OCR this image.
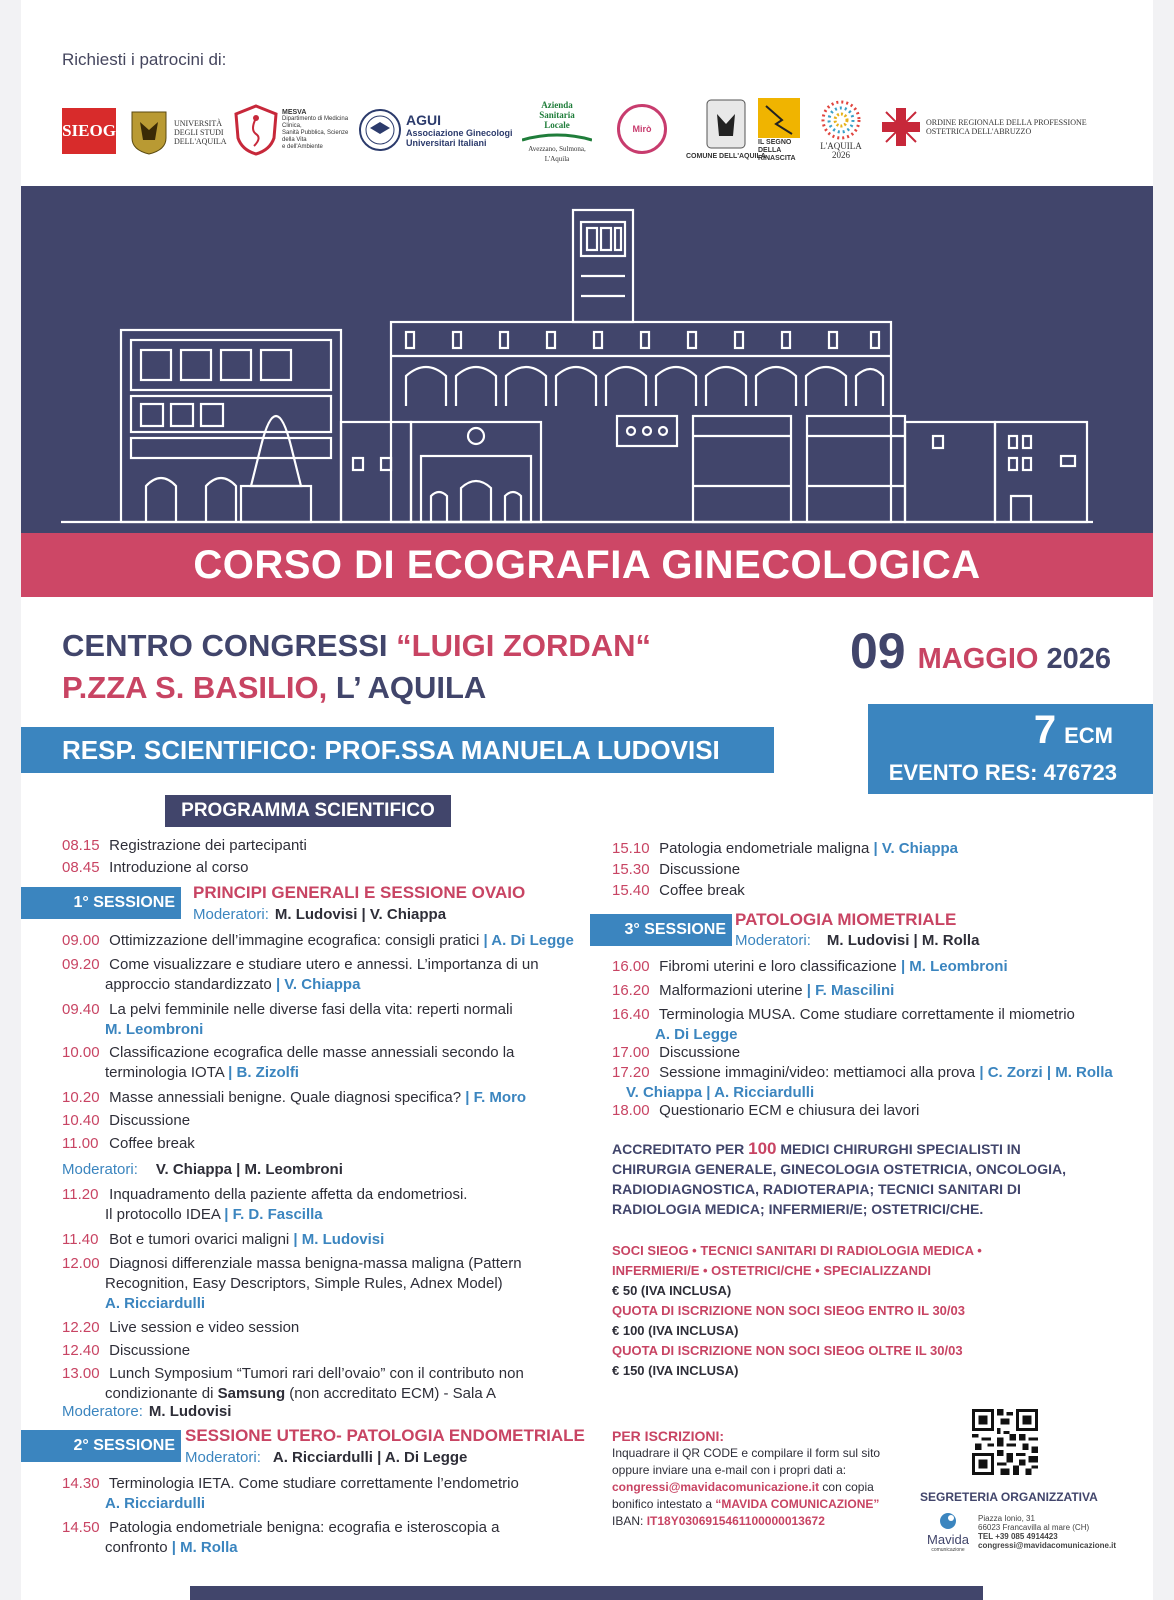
Richiesti i patrocini di:
SIEOG	UNIVERSITÀ
DEGLI STUDI
DELL'AQUILA
MESVA
Dipartimento di Medicina Clinica,
Sanità Pubblica, Scienze della Vita
e dell'Ambiente
AGUI
Associazione Ginecologi
Universitari Italiani
Azienda
Sanitaria
Locale
Avezzano, Sulmona,
L'Aquila
Mirò
COMUNE DELL'AQUILA
IL SEGNO
DELLA
RINASCITA
L'AQUILA
2026
ORDINE REGIONALE DELLA PROFESSIONE
OSTETRICA DELL'ABRUZZO
CORSO DI ECOGRAFIA GINECOLOGICA
CENTRO CONGRESSI “LUIGI ZORDAN“
P.ZZA S. BASILIO, L’ AQUILA
09 MAGGIO 2026
RESP. SCIENTIFICO: PROF.SSA MANUELA LUDOVISI	7 ECM
EVENTO RES: 476723
PROGRAMMA SCIENTIFICO
08.15 Registrazione dei partecipanti
08.45 Introduzione al corso
1° SESSIONE
PRINCIPI GENERALI E SESSIONE OVAIO
Moderatori: M. Ludovisi | V. Chiappa
09.00 Ottimizzazione dell’immagine ecografica: consigli pratici | A. Di Legge
09.20 Come visualizzare e studiare utero e annessi. L’importanza di un
approccio standardizzato | V. Chiappa
09.40 La pelvi femminile nelle diverse fasi della vita: reperti normali
M. Leombroni
10.00 Classificazione ecografica delle masse annessiali secondo la
terminologia IOTA | B. Zizolfi
10.20 Masse annessiali benigne. Quale diagnosi specifica? | F. Moro
10.40 Discussione
11.00 Coffee break
Moderatori: V. Chiappa | M. Leombroni
11.20 Inquadramento della paziente affetta da endometriosi.
Il protocollo IDEA | F. D. Fascilla
11.40 Bot e tumori ovarici maligni | M. Ludovisi
12.00 Diagnosi differenziale massa benigna-massa maligna (Pattern
Recognition, Easy Descriptors, Simple Rules, Adnex Model)
A. Ricciardulli
12.20 Live session e video session
12.40 Discussione
13.00 Lunch Symposium “Tumori rari dell’ovaio” con il contributo non
condizionante di Samsung (non accreditato ECM) - Sala A
Moderatore: M. Ludovisi
2° SESSIONE
SESSIONE UTERO- PATOLOGIA ENDOMETRIALE
Moderatori: A. Ricciardulli | A. Di Legge
14.30 Terminologia IETA. Come studiare correttamente l’endometrio
A. Ricciardulli
14.50 Patologia endometriale benigna: ecografia e isteroscopia a
confronto | M. Rolla
15.10 Patologia endometriale maligna | V. Chiappa
15.30 Discussione
15.40 Coffee break
3° SESSIONE
PATOLOGIA MIOMETRIALE
Moderatori: M. Ludovisi | M. Rolla
16.00 Fibromi uterini e loro classificazione | M. Leombroni
16.20 Malformazioni uterine | F. Mascilini
16.40 Terminologia MUSA. Come studiare correttamente il miometrio
A. Di Legge
17.00 Discussione
17.20 Sessione immagini/video: mettiamoci alla prova | C. Zorzi | M. Rolla
V. Chiappa | A. Ricciardulli
18.00 Questionario ECM e chiusura dei lavori
ACCREDITATO PER 100 MEDICI CHIRURGHI SPECIALISTI IN
CHIRURGIA GENERALE, GINECOLOGIA OSTETRICIA, ONCOLOGIA,
RADIODIAGNOSTICA, RADIOTERAPIA; TECNICI SANITARI DI
RADIOLOGIA MEDICA; INFERMIERI/E; OSTETRICI/CHE.
SOCI SIEOG • TECNICI SANITARI DI RADIOLOGIA MEDICA •
INFERMIERI/E • OSTETRICI/CHE • SPECIALIZZANDI
€ 50 (IVA INCLUSA)
QUOTA DI ISCRIZIONE NON SOCI SIEOG ENTRO IL 30/03
€ 100 (IVA INCLUSA)
QUOTA DI ISCRIZIONE NON SOCI SIEOG OLTRE IL 30/03
€ 150 (IVA INCLUSA)
PER ISCRIZIONI:
Inquadrare il QR CODE e compilare il form sul sito
oppure inviare una e-mail con i propri dati a:
congressi@mavidacomunicazione.it con copia
bonifico intestato a “MAVIDA COMUNICAZIONE”
IBAN: IT18Y0306915461100000013672
SEGRETERIA ORGANIZZATIVA
Mavida
comunicazione
Piazza Ionio, 31
66023 Francavilla al mare (CH)
TEL +39 085 4914423
congressi@mavidacomunicazione.it
